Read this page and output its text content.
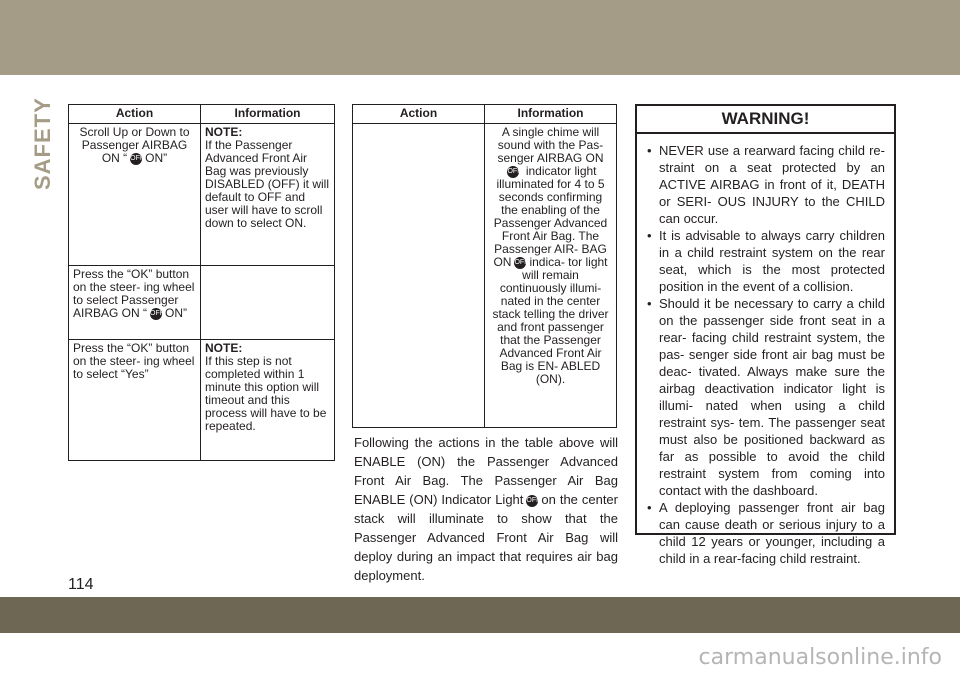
SAFETY	Action	Information
Scroll Up or Down to Passenger AIRBAG ON “ OFFON”	NOTE:
If the Passenger Advanced Front Air Bag was previously DISABLED (OFF) it will default to OFF and user will have to scroll down to select ON.
Press the “OK” button on the steer- ing wheel to select Passenger AIRBAG ON “ OFFON”	

Press the “OK” button on the steer- ing wheel to select “Yes”	NOTE:
If this step is not completed within 1 minute this option will timeout and this process will have to be repeated.
Action	Information
	A single chime will sound with the Pas- senger AIRBAG ON OFF indicator light illuminated for 4 to 5 seconds confirming the enabling of the Passenger Advanced Front Air Bag. The Passenger AIR- BAG ON OFFindica- tor light will remain continuously illumi- nated in the center stack telling the driver and front passenger that the Passenger Advanced Front Air Bag is EN- ABLED (ON).
Following the actions in the table above will ENABLE (ON) the Passenger Advanced Front Air Bag. The Passenger Air Bag ENABLE (ON) Indicator Light OFFon the center stack will illuminate to show that the Passenger Advanced Front Air Bag will deploy during an impact that requires air bag deployment.
WARNING!
• NEVER use a rearward facing child re- straint on a seat protected by an ACTIVE AIRBAG in front of it, DEATH or SERI- OUS INJURY to the CHILD can occur.
• It is advisable to always carry children in a child restraint system on the rear seat, which is the most protected position in the event of a collision.
• Should it be necessary to carry a child on the passenger side front seat in a rear- facing child restraint system, the pas- senger side front air bag must be deac- tivated. Always make sure the airbag deactivation indicator light is illumi- nated when using a child restraint sys- tem. The passenger seat must also be positioned backward as far as possible to avoid the child restraint system from coming into contact with the dashboard.
• A deploying passenger front air bag can cause death or serious injury to a child 12 years or younger, including a child in a rear-facing child restraint.
114
carmanualsonline.info
